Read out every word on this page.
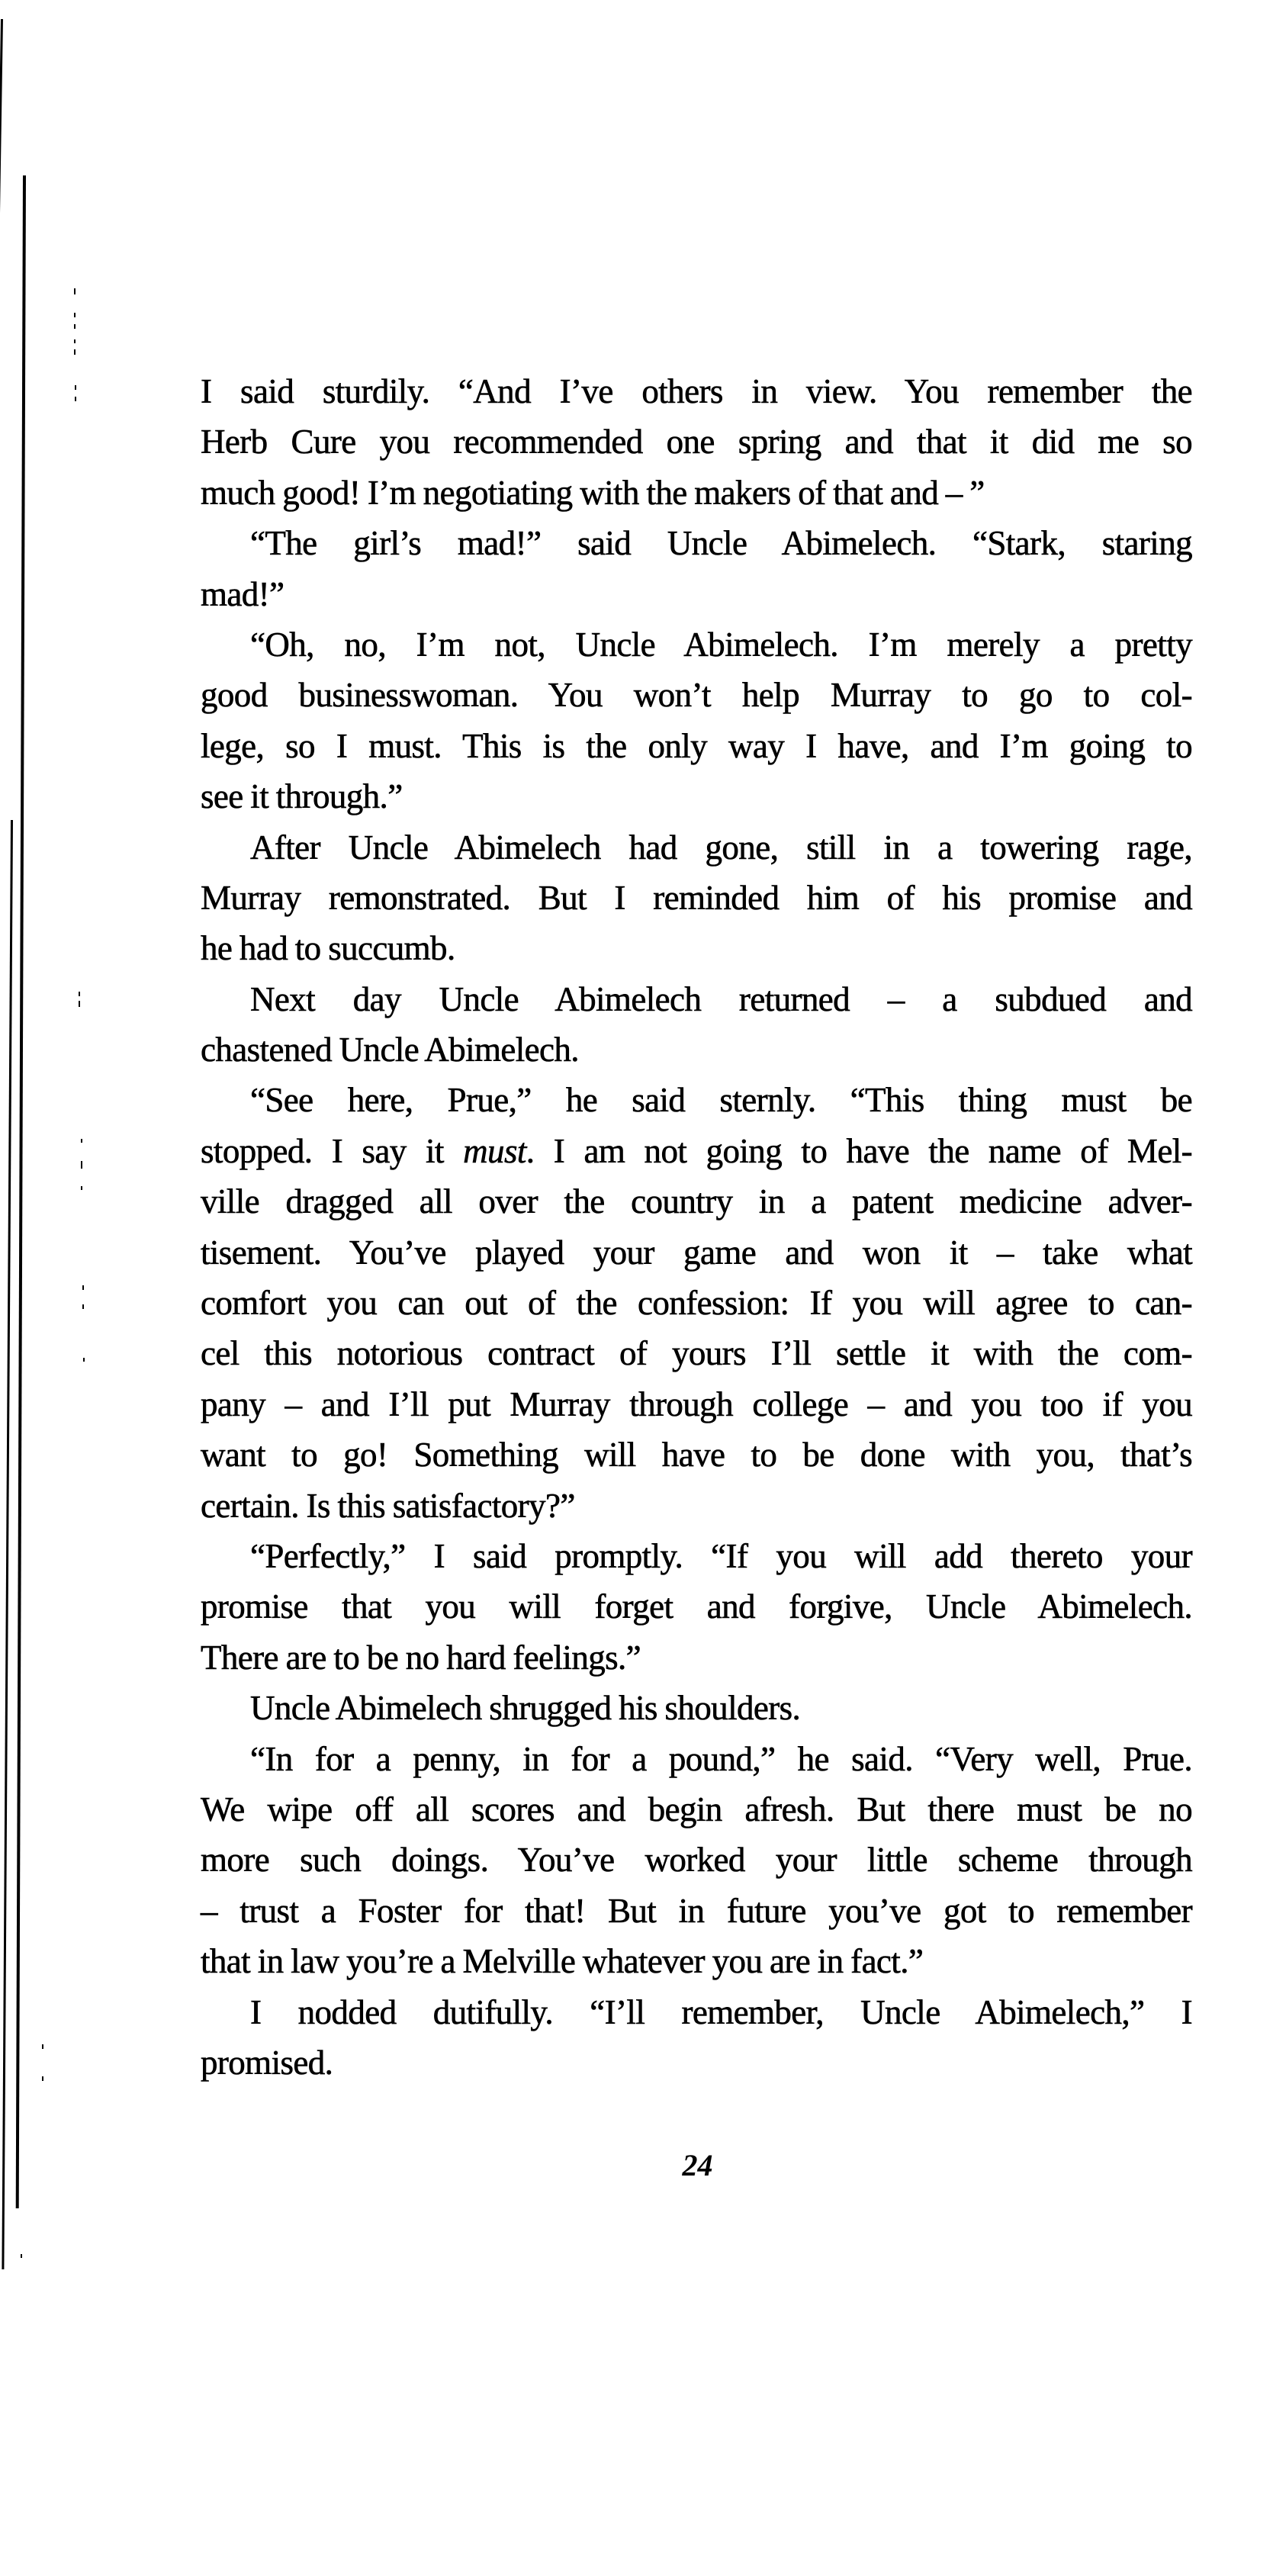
I said sturdily. “And I’ve others in view. You remember the
Herb Cure you recommended one spring and that it did me so
much good! I’m negotiating with the makers of that and – ”
“The girl’s mad!” said Uncle Abimelech. “Stark, staring
mad!”
“Oh, no, I’m not, Uncle Abimelech. I’m merely a pretty
good businesswoman. You won’t help Murray to go to col-
lege, so I must. This is the only way I have, and I’m going to
see it through.”
After Uncle Abimelech had gone, still in a towering rage,
Murray remonstrated. But I reminded him of his promise and
he had to succumb.
Next day Uncle Abimelech returned – a subdued and
chastened Uncle Abimelech.
“See here, Prue,” he said sternly. “This thing must be
stopped. I say it must. I am not going to have the name of Mel-
ville dragged all over the country in a patent medicine adver-
tisement. You’ve played your game and won it – take what
comfort you can out of the confession: If you will agree to can-
cel this notorious contract of yours I’ll settle it with the com-
pany – and I’ll put Murray through college – and you too if you
want to go! Something will have to be done with you, that’s
certain. Is this satisfactory?”
“Perfectly,” I said promptly. “If you will add thereto your
promise that you will forget and forgive, Uncle Abimelech.
There are to be no hard feelings.”
Uncle Abimelech shrugged his shoulders.
“In for a penny, in for a pound,” he said. “Very well, Prue.
We wipe off all scores and begin afresh. But there must be no
more such doings. You’ve worked your little scheme through
– trust a Foster for that! But in future you’ve got to remember
that in law you’re a Melville whatever you are in fact.”
I nodded dutifully. “I’ll remember, Uncle Abimelech,” I
promised.
24
